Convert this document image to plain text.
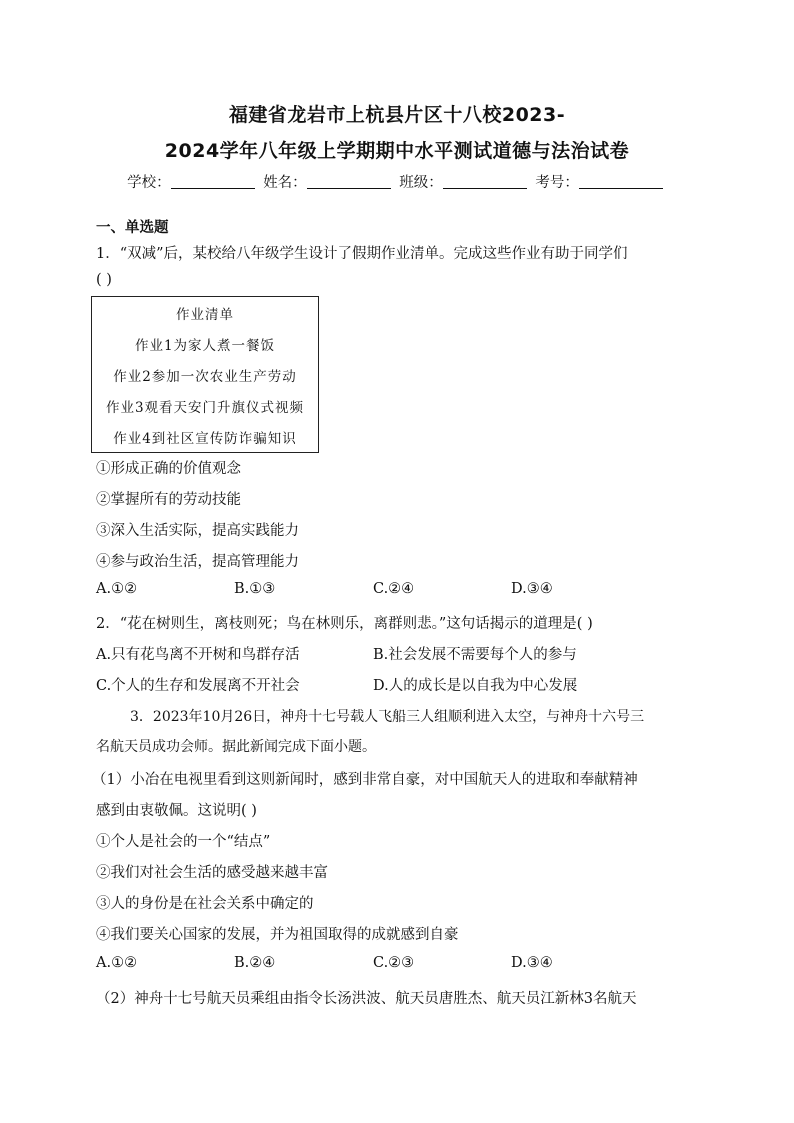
福建省龙岩市上杭县片区十八校2023-
2024学年八年级上学期期中水平测试道德与法治试卷
学校：	姓名：	班级：	考号：
一、单选题
1．“双减”后，某校给八年级学生设计了假期作业清单。完成这些作业有助于同学们
( )
作业清单
作业1为家人煮一餐饭
作业2参加一次农业生产劳动
作业3观看天安门升旗仪式视频
作业4到社区宣传防诈骗知识
①形成正确的价值观念
②掌握所有的劳动技能
③深入生活实际，提高实践能力
④参与政治生活，提高管理能力
A.①②	B.①③	C.②④	D.③④
2．“花在树则生，离枝则死；鸟在林则乐，离群则悲。”这句话揭示的道理是( )
A.只有花鸟离不开树和鸟群存活	B.社会发展不需要每个人的参与
C.个人的生存和发展离不开社会	D.人的成长是以自我为中心发展
3．2023年10月26日，神舟十七号载人飞船三人组顺利进入太空，与神舟十六号三
名航天员成功会师。据此新闻完成下面小题。
（1）小冶在电视里看到这则新闻时，感到非常自豪，对中国航天人的进取和奉献精神
感到由衷敬佩。这说明( )
①个人是社会的一个“结点”
②我们对社会生活的感受越来越丰富
③人的身份是在社会关系中确定的
④我们要关心国家的发展，并为祖国取得的成就感到自豪
A.①②	B.②④	C.②③	D.③④
（2）神舟十七号航天员乘组由指令长汤洪波、航天员唐胜杰、航天员江新林3名航天
